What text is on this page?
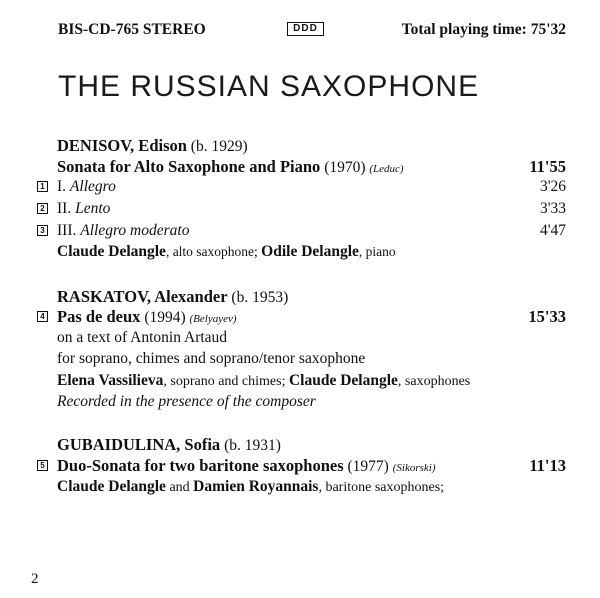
BIS-CD-765 STEREO	DDD	Total playing time: 75'32
THE RUSSIAN SAXOPHONE
DENISOV, Edison (b. 1929)
Sonata for Alto Saxophone and Piano (1970) (Leduc)	11'55
1 I. Allegro	3'26
2 II. Lento	3'33
3 III. Allegro moderato	4'47
Claude Delangle, alto saxophone; Odile Delangle, piano
RASKATOV, Alexander (b. 1953)
4 Pas de deux (1994) (Belyayev)	15'33
on a text of Antonin Artaud
for soprano, chimes and soprano/tenor saxophone
Elena Vassilieva, soprano and chimes; Claude Delangle, saxophones
Recorded in the presence of the composer
GUBAIDULINA, Sofia (b. 1931)
5 Duo-Sonata for two baritone saxophones (1977) (Sikorski)	11'13
Claude Delangle and Damien Royannais, baritone saxophones;
2
